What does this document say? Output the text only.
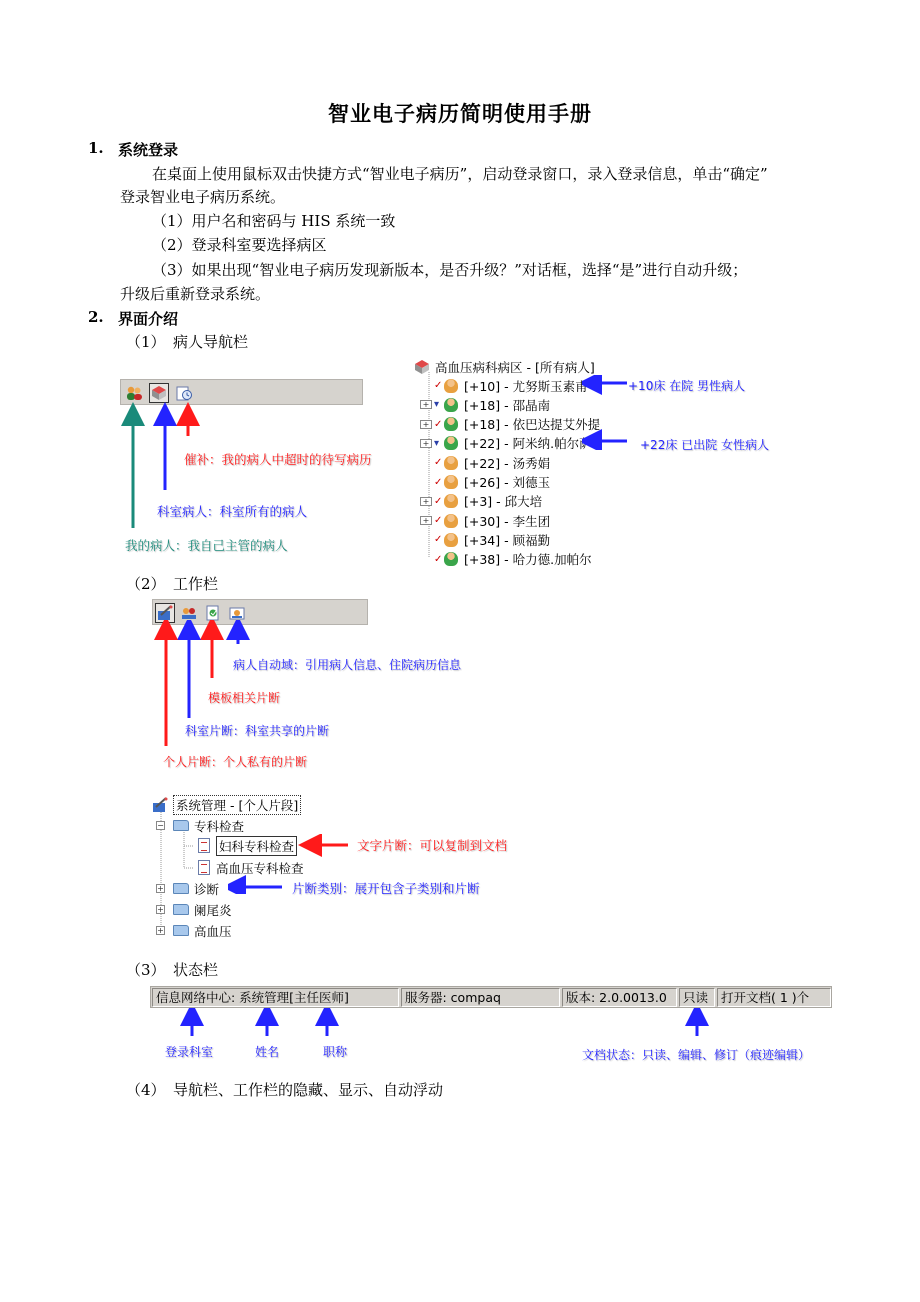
智业电子病历简明使用手册
1. 系统登录
在桌面上使用鼠标双击快捷方式“智业电子病历”，启动登录窗口，录入登录信息，单击“确定”
登录智业电子病历系统。
（1）用户名和密码与 HIS 系统一致
（2）登录科室要选择病区
（3）如果出现“智业电子病历发现新版本，是否升级？”对话框，选择“是”进行自动升级；
升级后重新登录系统。
2. 界面介绍
（1）　病人导航栏
催补：我的病人中超时的待写病历
科室病人：科室所有的病人
我的病人：我自己主管的病人
高血压病科病区 - [所有病人]
✓ [+10] - 尤努斯玉素甫
+ ▾	[+18] - 邵晶南
+ ✓ [+18] - 依巴达提艾外提
+ ▾	[+22] - 阿米纳.帕尔萨
✓ [+22] - 汤秀娟
✓ [+26] - 刘德玉
+ ✓ [+3] - 邱大培
+ ✓ [+30] - 李生团
✓ [+34] - 顾福勤
✓ [+38] - 哈力德.加帕尔
+10床 在院 男性病人
+22床 已出院 女性病人
（2）　工作栏
病人自动域：引用病人信息、住院病历信息
模板相关片断
科室片断：科室共享的片断
个人片断：个人私有的片断
系统管理 - [个人片段]
−
专科检查
妇科专科检查
高血压专科检查
+
诊断
+
阑尾炎
+
高血压
文字片断：可以复制到文档
片断类别：展开包含子类别和片断
（3）　状态栏
信息网络中心: 系统管理[主任医师]	服务器: compaq	版本: 2.0.0013.0	只读	打开文档( 1 )个
登录科室	姓名	职称	文档状态：只读、编辑、修订（痕迹编辑）
（4）　导航栏、工作栏的隐藏、显示、自动浮动
